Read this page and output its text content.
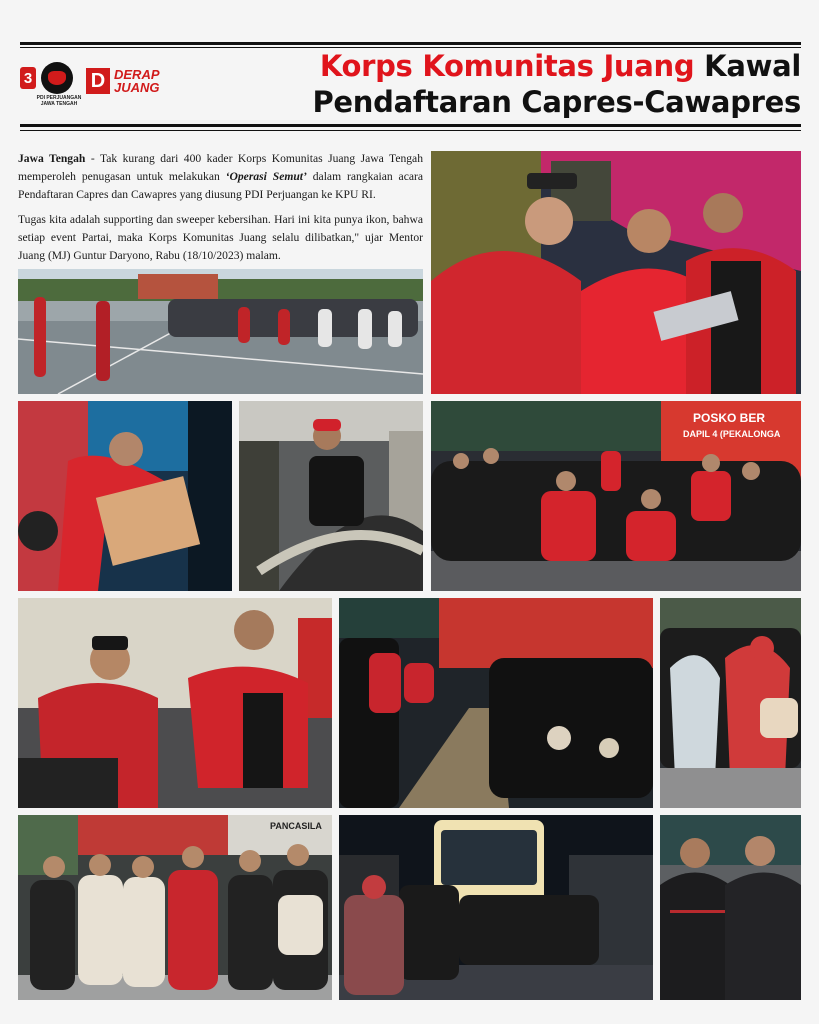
3
PDI PERJUANGAN JAWA TENGAH
D DERAP
JUANG
Korps Komunitas Juang Kawal
Pendaftaran Capres-Cawapres

Jawa Tengah - Tak kurang dari 400 kader Korps Komunitas Juang Jawa Tengah memperoleh penugasan untuk melakukan ‘Operasi Semut’ dalam rangkaian acara Pendaftaran Capres dan Cawapres yang diusung PDI Perjuangan ke KPU RI.

Tugas kita adalah supporting dan sweeper kebersihan. Hari ini kita punya ikon, bahwa setiap event Partai, maka Korps Komunitas Juang selalu dilibatkan," ujar Mentor Juang (MJ) Guntur Daryono, Rabu (18/10/2023) malam.

POSKO BER
DAPIL 4 (PEKALONGA
PANCASILA
